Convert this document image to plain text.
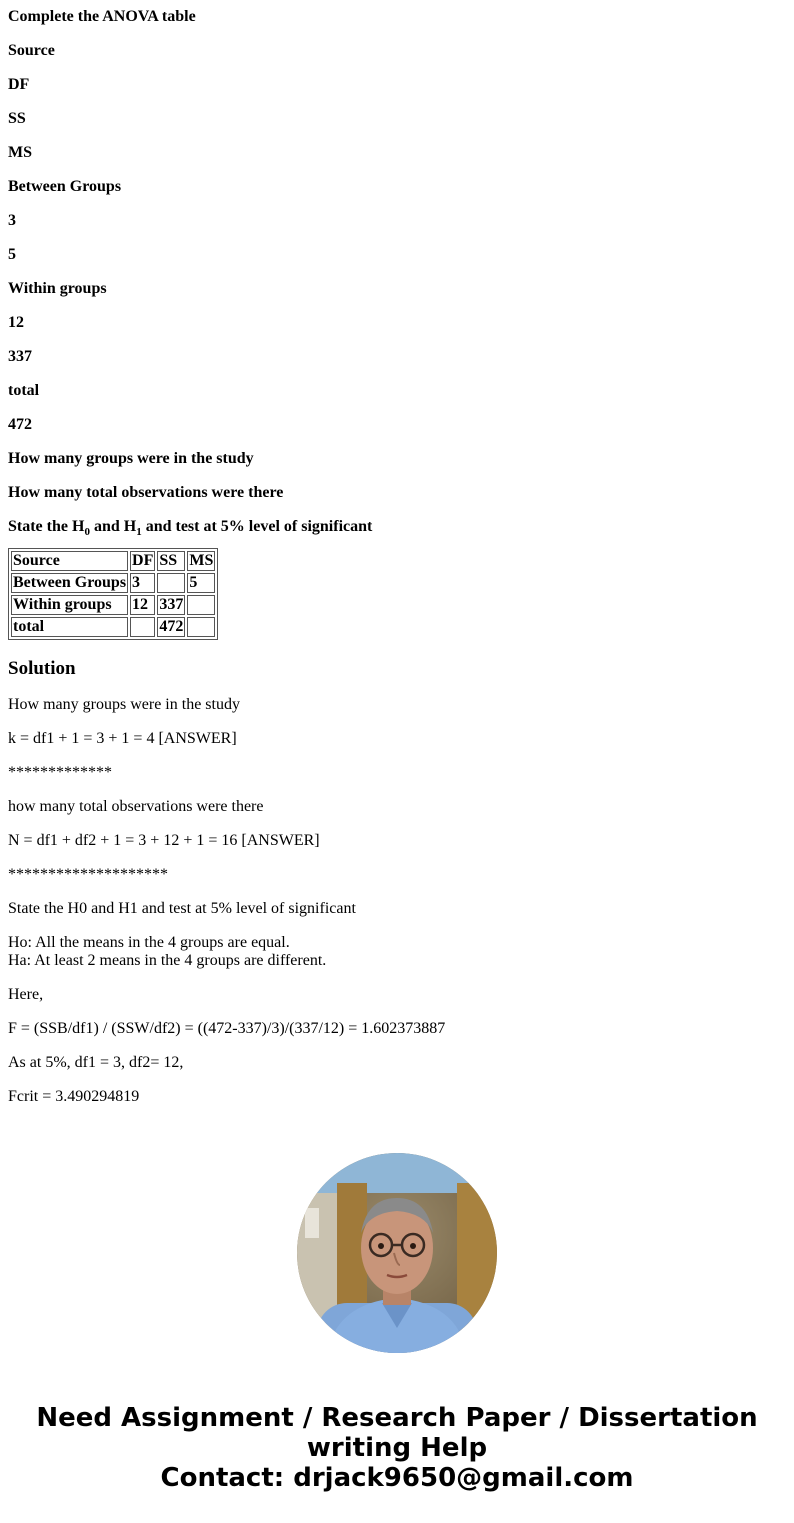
Complete the ANOVA table

Source

DF

SS

MS

Between Groups

3

5

Within groups

12

337

total

472

How many groups were in the study

How many total observations were there

State the $H_0$ and $H_1$ and test at 5% level of significant

Source	DF	SS	MS
Between Groups	3		5
Within groups	12	337	
total		472	
Solution

How many groups were in the study

k = df1 + 1 = 3 + 1 = 4 [ANSWER]

*************

how many total observations were there

N = df1 + df2 + 1 = 3 + 12 + 1 = 16 [ANSWER]

********************

State the H0 and H1 and test at 5% level of significant

Ho: All the means in the 4 groups are equal.
Ha: At least 2 means in the 4 groups are different.

Here,

F = (SSB/df1) / (SSW/df2) = ((472-337)/3)/(337/12) = 1.602373887

As at 5%, df1 = 3, df2= 12,

Fcrit = 3.490294819

Need Assignment / Research Paper / Dissertation
writing Help
Contact: drjack9650@gmail.com
